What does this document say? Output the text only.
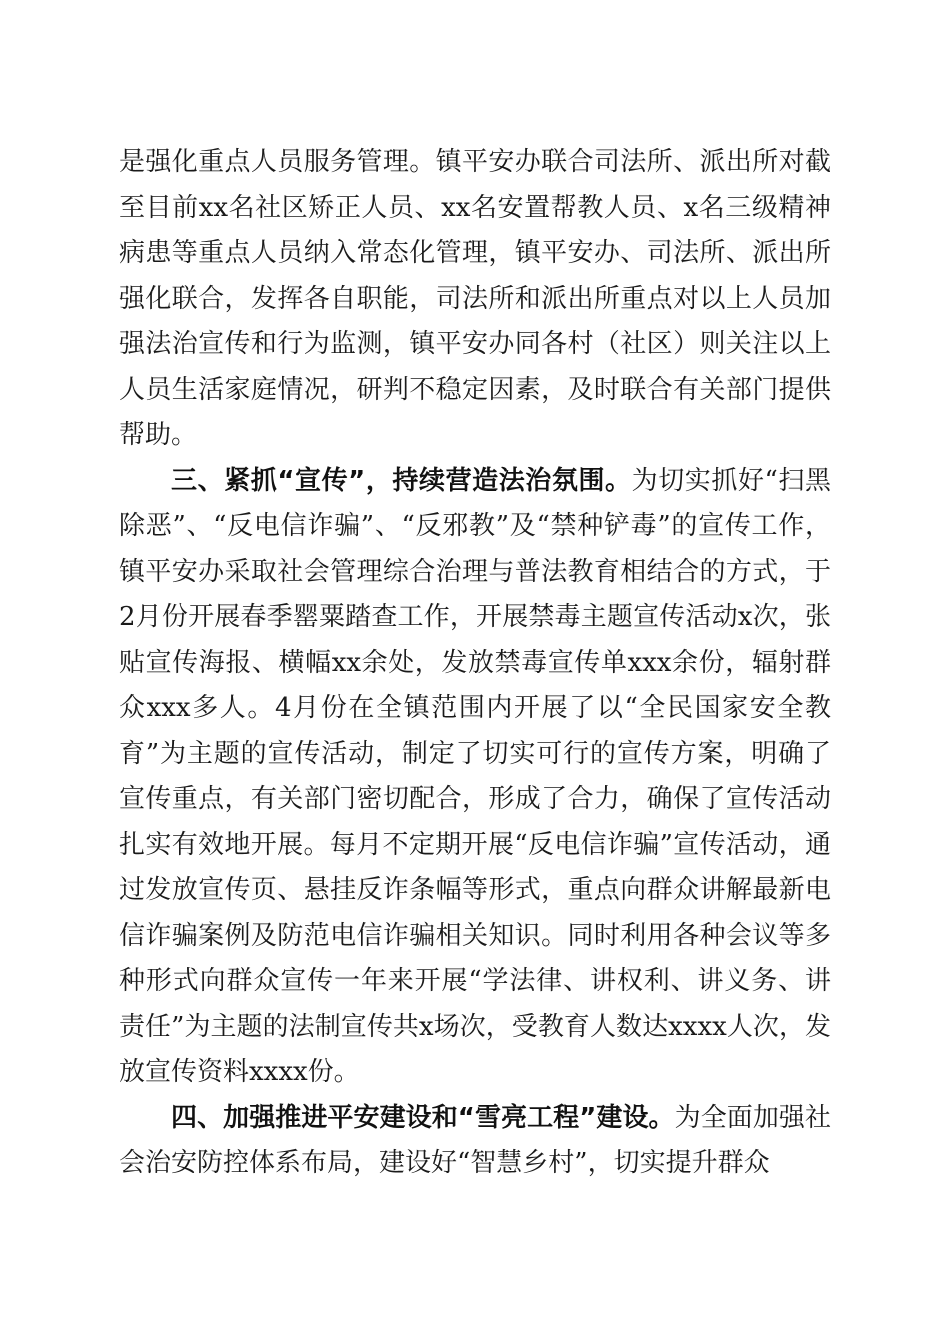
是强化重点人员服务管理。镇平安办联合司法所、派出所对截至目前xx名社区矫正人员、xx名安置帮教人员、x名三级精神病患等重点人员纳入常态化管理，镇平安办、司法所、派出所强化联合，发挥各自职能，司法所和派出所重点对以上人员加强法治宣传和行为监测，镇平安办同各村（社区）则关注以上人员生活家庭情况，研判不稳定因素，及时联合有关部门提供帮助。

三、紧抓“宣传”，持续营造法治氛围。为切实抓好“扫黑除恶”、“反电信诈骗”、“反邪教”及“禁种铲毒”的宣传工作，镇平安办采取社会管理综合治理与普法教育相结合的方式，于2月份开展春季罂粟踏查工作，开展禁毒主题宣传活动x次，张贴宣传海报、横幅xx余处，发放禁毒宣传单xxx余份，辐射群众xxx多人。4月份在全镇范围内开展了以“全民国家安全教育”为主题的宣传活动，制定了切实可行的宣传方案，明确了宣传重点，有关部门密切配合，形成了合力，确保了宣传活动扎实有效地开展。每月不定期开展“反电信诈骗”宣传活动，通过发放宣传页、悬挂反诈条幅等形式，重点向群众讲解最新电信诈骗案例及防范电信诈骗相关知识。同时利用各种会议等多种形式向群众宣传一年来开展“学法律、讲权利、讲义务、讲责任”为主题的法制宣传共x场次，受教育人数达xxxx人次，发放宣传资料xxxx份。

四、加强推进平安建设和“雪亮工程”建设。为全面加强社会治安防控体系布局，建设好“智慧乡村”，切实提升群众
